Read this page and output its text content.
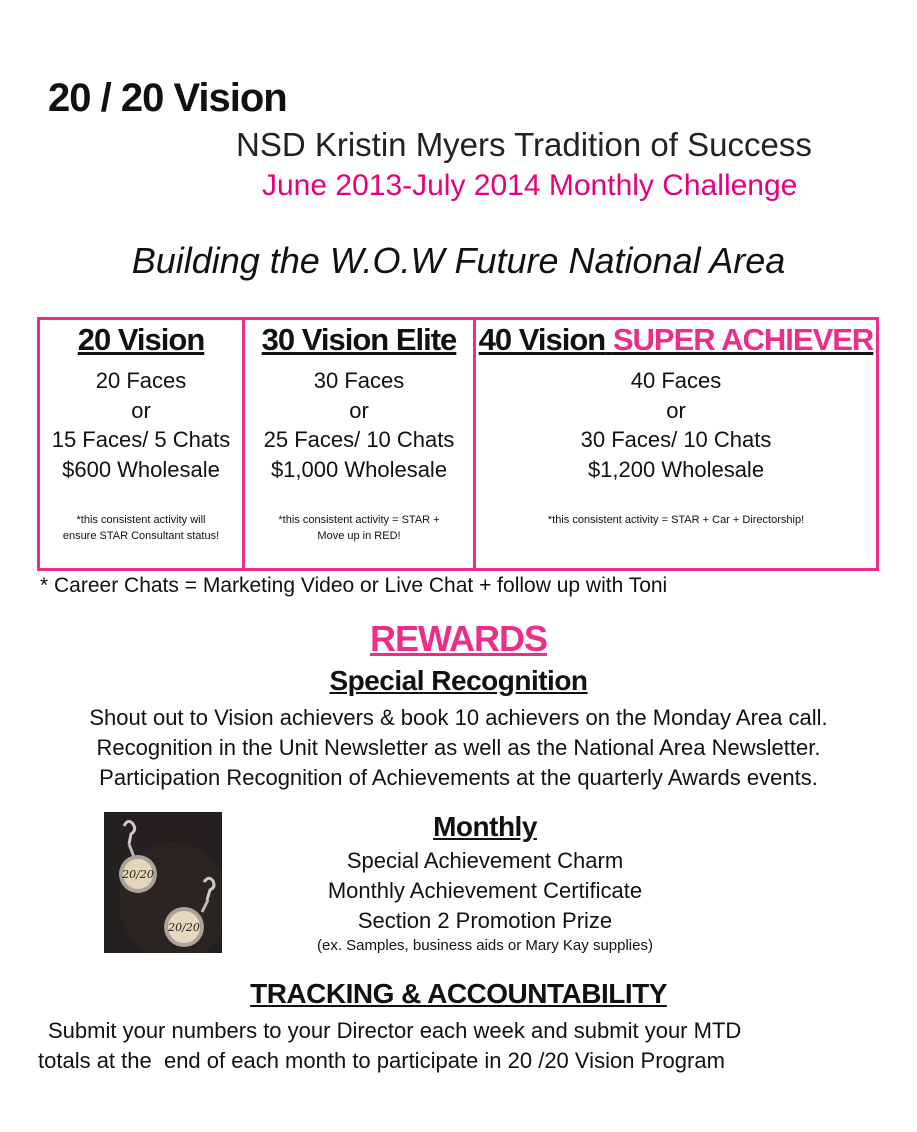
20 / 20 Vision
NSD Kristin Myers Tradition of Success
June 2013-July 2014 Monthly Challenge
Building the W.O.W Future National Area
20 Vision
20 Faces
or
15 Faces/ 5 Chats
$600 Wholesale
*this consistent activity will
ensure STAR Consultant status!
30 Vision Elite
30 Faces
or
25 Faces/ 10 Chats
$1,000 Wholesale
*this consistent activity = STAR +
Move up in RED!
40 Vision SUPER ACHIEVER
40 Faces
or
30 Faces/ 10 Chats
$1,200 Wholesale
*this consistent activity = STAR + Car + Directorship!
* Career Chats = Marketing Video or Live Chat + follow up with Toni
REWARDS
Special Recognition
Shout out to Vision achievers & book 10 achievers on the Monday Area call.
Recognition in the Unit Newsletter as well as the National Area Newsletter.
Participation Recognition of Achievements at the quarterly Awards events.
20/20
20/20
Monthly
Special Achievement Charm
Monthly Achievement Certificate
Section 2 Promotion Prize
(ex. Samples, business aids or Mary Kay supplies)
TRACKING & ACCOUNTABILITY
Submit your numbers to your Director each week and submit your MTD
totals at the  end of each month to participate in 20 /20 Vision Program
